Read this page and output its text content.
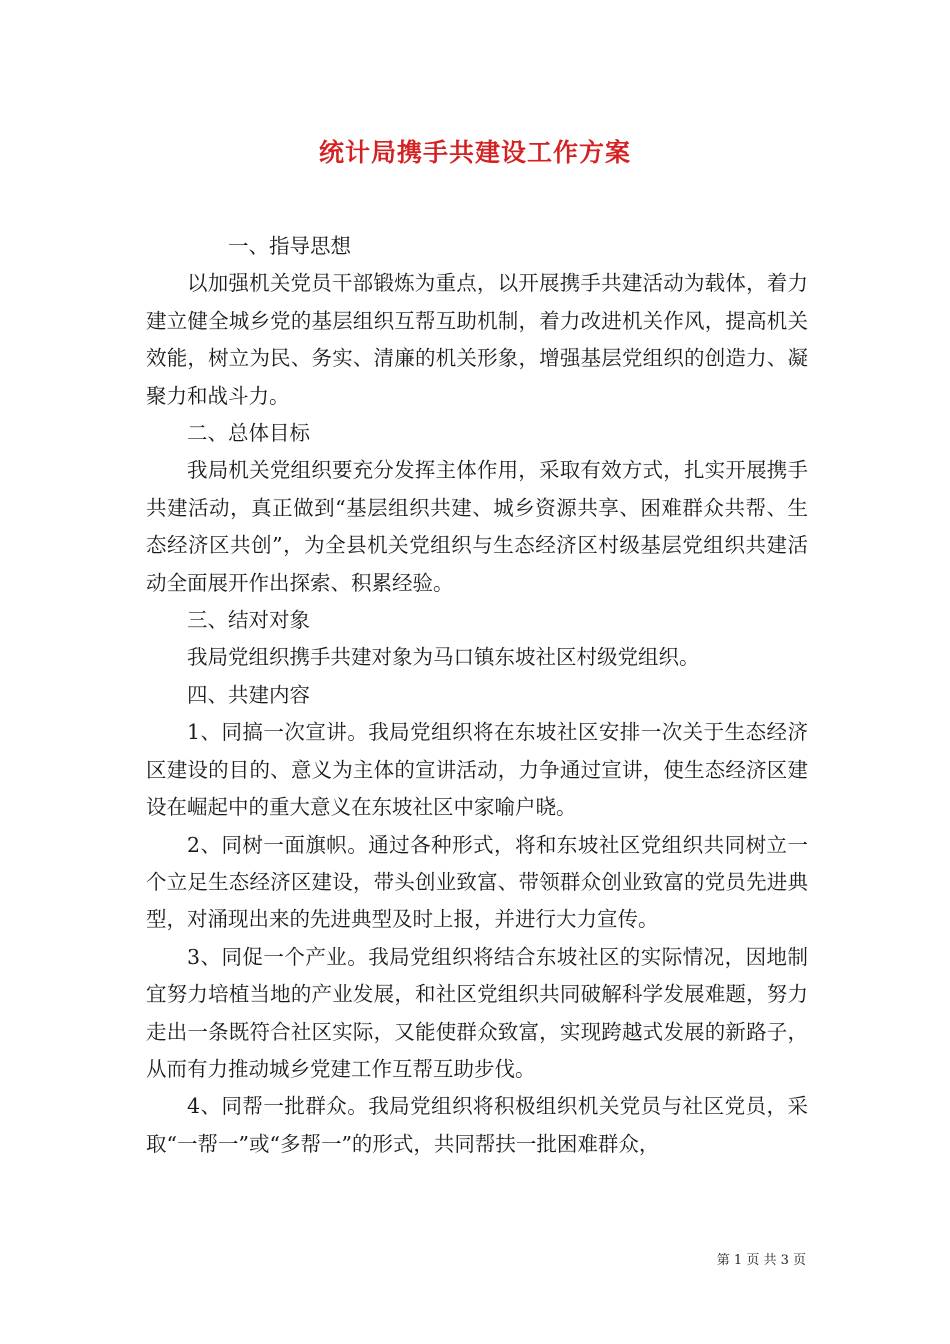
统计局携手共建设工作方案

一、指导思想

以加强机关党员干部锻炼为重点，以开展携手共建活动为载体，着力建立健全城乡党的基层组织互帮互助机制，着力改进机关作风，提高机关效能，树立为民、务实、清廉的机关形象，增强基层党组织的创造力、凝聚力和战斗力。

二、总体目标

我局机关党组织要充分发挥主体作用，采取有效方式，扎实开展携手共建活动，真正做到“基层组织共建、城乡资源共享、困难群众共帮、生态经济区共创”，为全县机关党组织与生态经济区村级基层党组织共建活动全面展开作出探索、积累经验。

三、结对对象

我局党组织携手共建对象为马口镇东坡社区村级党组织。

四、共建内容

1、同搞一次宣讲。我局党组织将在东坡社区安排一次关于生态经济区建设的目的、意义为主体的宣讲活动，力争通过宣讲，使生态经济区建设在崛起中的重大意义在东坡社区中家喻户晓。

2、同树一面旗帜。通过各种形式，将和东坡社区党组织共同树立一个立足生态经济区建设，带头创业致富、带领群众创业致富的党员先进典型，对涌现出来的先进典型及时上报，并进行大力宣传。

3、同促一个产业。我局党组织将结合东坡社区的实际情况，因地制宜努力培植当地的产业发展，和社区党组织共同破解科学发展难题，努力走出一条既符合社区实际，又能使群众致富，实现跨越式发展的新路子，从而有力推动城乡党建工作互帮互助步伐。

4、同帮一批群众。我局党组织将积极组织机关党员与社区党员，采取“一帮一”或“多帮一”的形式，共同帮扶一批困难群众，

第 1 页 共 3 页
